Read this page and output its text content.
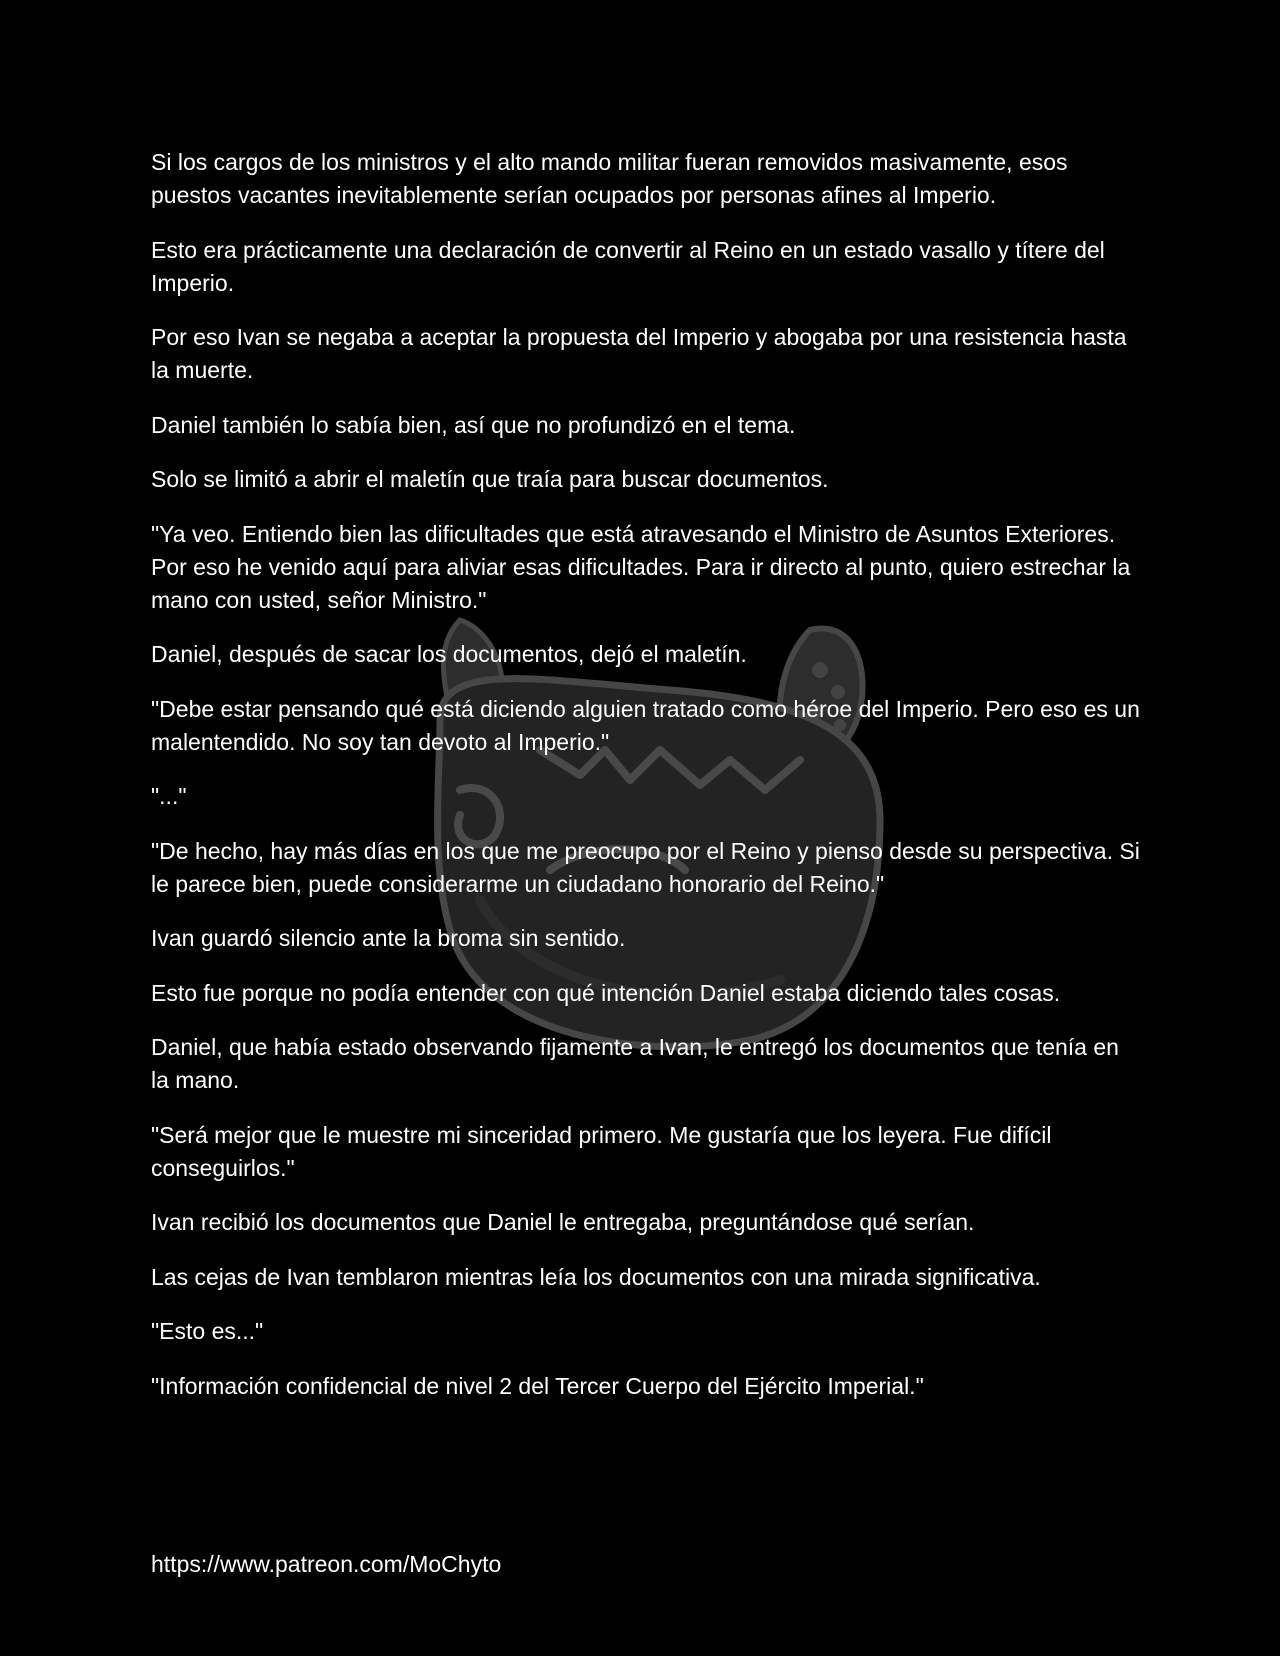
Si los cargos de los ministros y el alto mando militar fueran removidos masivamente, esos puestos vacantes inevitablemente serían ocupados por personas afines al Imperio.

Esto era prácticamente una declaración de convertir al Reino en un estado vasallo y títere del Imperio.

Por eso Ivan se negaba a aceptar la propuesta del Imperio y abogaba por una resistencia hasta la muerte.

Daniel también lo sabía bien, así que no profundizó en el tema.

Solo se limitó a abrir el maletín que traía para buscar documentos.

"Ya veo. Entiendo bien las dificultades que está atravesando el Ministro de Asuntos Exteriores. Por eso he venido aquí para aliviar esas dificultades. Para ir directo al punto, quiero estrechar la mano con usted, señor Ministro."

Daniel, después de sacar los documentos, dejó el maletín.

"Debe estar pensando qué está diciendo alguien tratado como héroe del Imperio. Pero eso es un malentendido. No soy tan devoto al Imperio."

"..."

"De hecho, hay más días en los que me preocupo por el Reino y pienso desde su perspectiva. Si le parece bien, puede considerarme un ciudadano honorario del Reino."

Ivan guardó silencio ante la broma sin sentido.

Esto fue porque no podía entender con qué intención Daniel estaba diciendo tales cosas.

Daniel, que había estado observando fijamente a Ivan, le entregó los documentos que tenía en la mano.

"Será mejor que le muestre mi sinceridad primero. Me gustaría que los leyera. Fue difícil conseguirlos."

Ivan recibió los documentos que Daniel le entregaba, preguntándose qué serían.

Las cejas de Ivan temblaron mientras leía los documentos con una mirada significativa.

"Esto es..."

"Información confidencial de nivel 2 del Tercer Cuerpo del Ejército Imperial."

https://www.patreon.com/MoChyto
